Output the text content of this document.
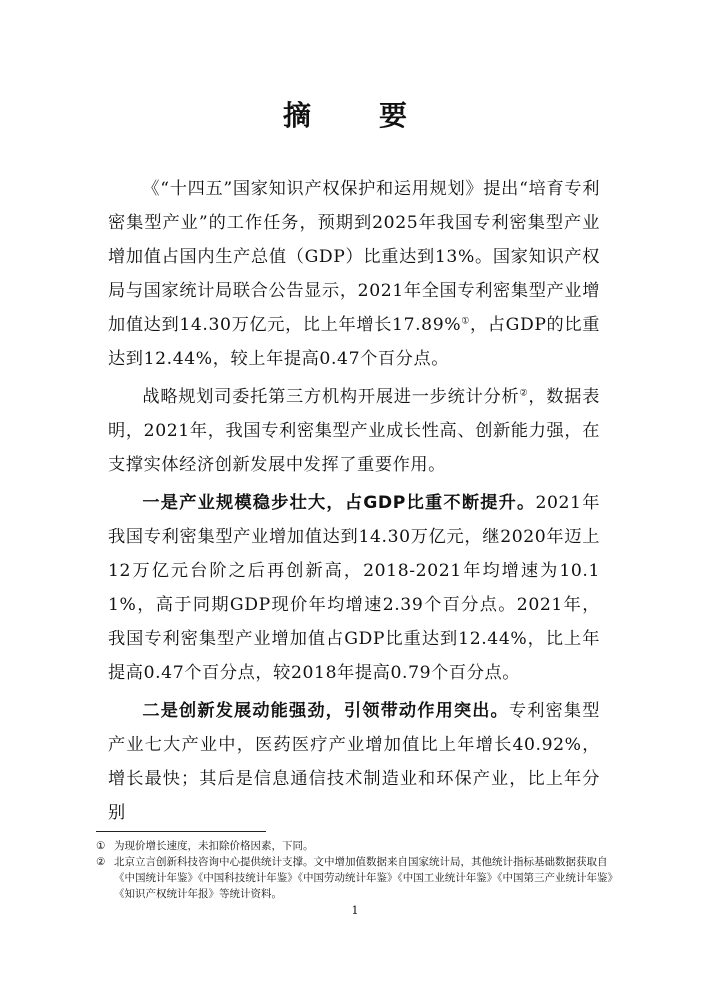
摘　要

《“十四五”国家知识产权保护和运用规划》提出“培育专利密集型产业”的工作任务，预期到2025年我国专利密集型产业增加值占国内生产总值（GDP）比重达到13%。国家知识产权局与国家统计局联合公告显示，2021年全国专利密集型产业增加值达到14.30万亿元，比上年增长17.89%①，占GDP的比重达到12.44%，较上年提高0.47个百分点。

战略规划司委托第三方机构开展进一步统计分析②，数据表明，2021年，我国专利密集型产业成长性高、创新能力强，在支撑实体经济创新发展中发挥了重要作用。

一是产业规模稳步壮大，占GDP比重不断提升。2021年我国专利密集型产业增加值达到14.30万亿元，继2020年迈上12万亿元台阶之后再创新高，2018-2021年均增速为10.11%，高于同期GDP现价年均增速2.39个百分点。2021年，我国专利密集型产业增加值占GDP比重达到12.44%，比上年提高0.47个百分点，较2018年提高0.79个百分点。

二是创新发展动能强劲，引领带动作用突出。专利密集型产业七大产业中，医药医疗产业增加值比上年增长40.92%，增长最快；其后是信息通信技术制造业和环保产业，比上年分别

① 为现价增长速度，未扣除价格因素，下同。

② 北京立言创新科技咨询中心提供统计支撑。文中增加值数据来自国家统计局，其他统计指标基础数据获取自《中国统计年鉴》《中国科技统计年鉴》《中国劳动统计年鉴》《中国工业统计年鉴》《中国第三产业统计年鉴》《知识产权统计年报》等统计资料。

1
